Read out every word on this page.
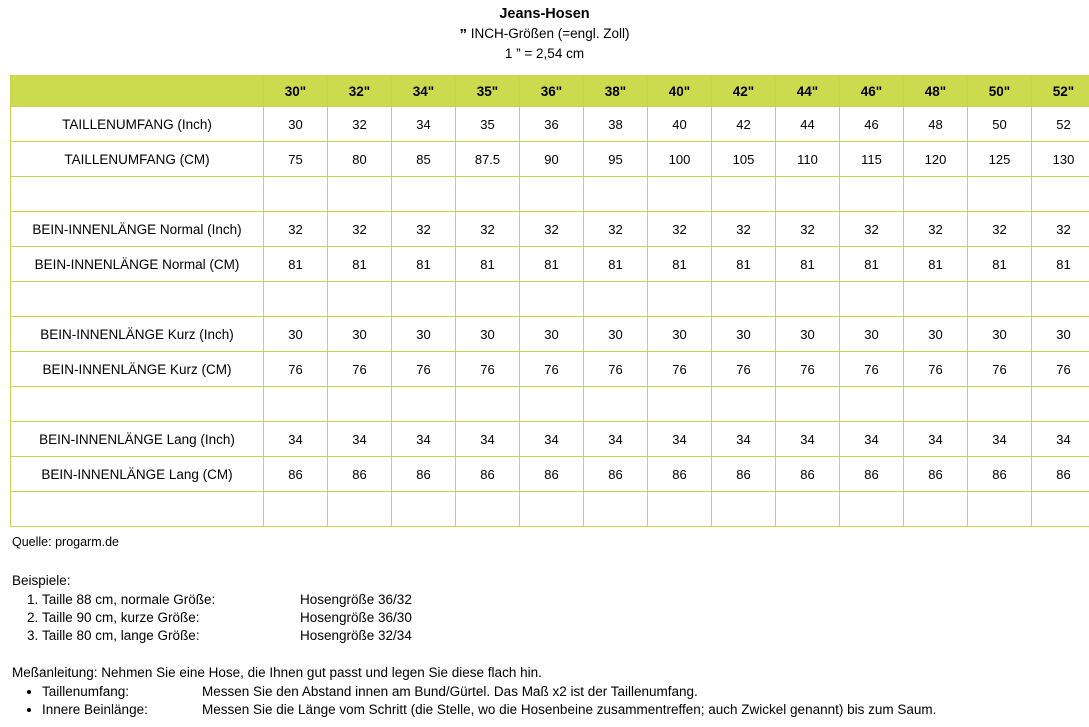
Jeans-Hosen
” INCH-Größen (=engl. Zoll)
1 ” = 2,54 cm
	30"	32"	34"	35"	36"	38"	40"	42"	44"	46"	48"	50"	52"
TAILLENUMFANG (Inch)	30	32	34	35	36	38	40	42	44	46	48	50	52
TAILLENUMFANG (CM)	75	80	85	87.5	90	95	100	105	110	115	120	125	130

BEIN-INNENLÄNGE Normal (Inch)	32	32	32	32	32	32	32	32	32	32	32	32	32
BEIN-INNENLÄNGE Normal (CM)	81	81	81	81	81	81	81	81	81	81	81	81	81

BEIN-INNENLÄNGE Kurz (Inch)	30	30	30	30	30	30	30	30	30	30	30	30	30
BEIN-INNENLÄNGE Kurz (CM)	76	76	76	76	76	76	76	76	76	76	76	76	76

BEIN-INNENLÄNGE Lang (Inch)	34	34	34	34	34	34	34	34	34	34	34	34	34
BEIN-INNENLÄNGE Lang (CM)	86	86	86	86	86	86	86	86	86	86	86	86	86

Quelle: progarm.de
Beispiele:
1. Taille 88 cm, normale Größe:	Hosengröße 36/32
2. Taille 90 cm, kurze Größe:	Hosengröße 36/30
3. Taille 80 cm, lange Größe:	Hosengröße 32/34
Meßanleitung: Nehmen Sie eine Hose, die Ihnen gut passt und legen Sie diese flach hin.
• Taillenumfang:	Messen Sie den Abstand innen am Bund/Gürtel. Das Maß x2 ist der Taillenumfang.
• Innere Beinlänge:	Messen Sie die Länge vom Schritt (die Stelle, wo die Hosenbeine zusammentreffen; auch Zwickel genannt) bis zum Saum.
